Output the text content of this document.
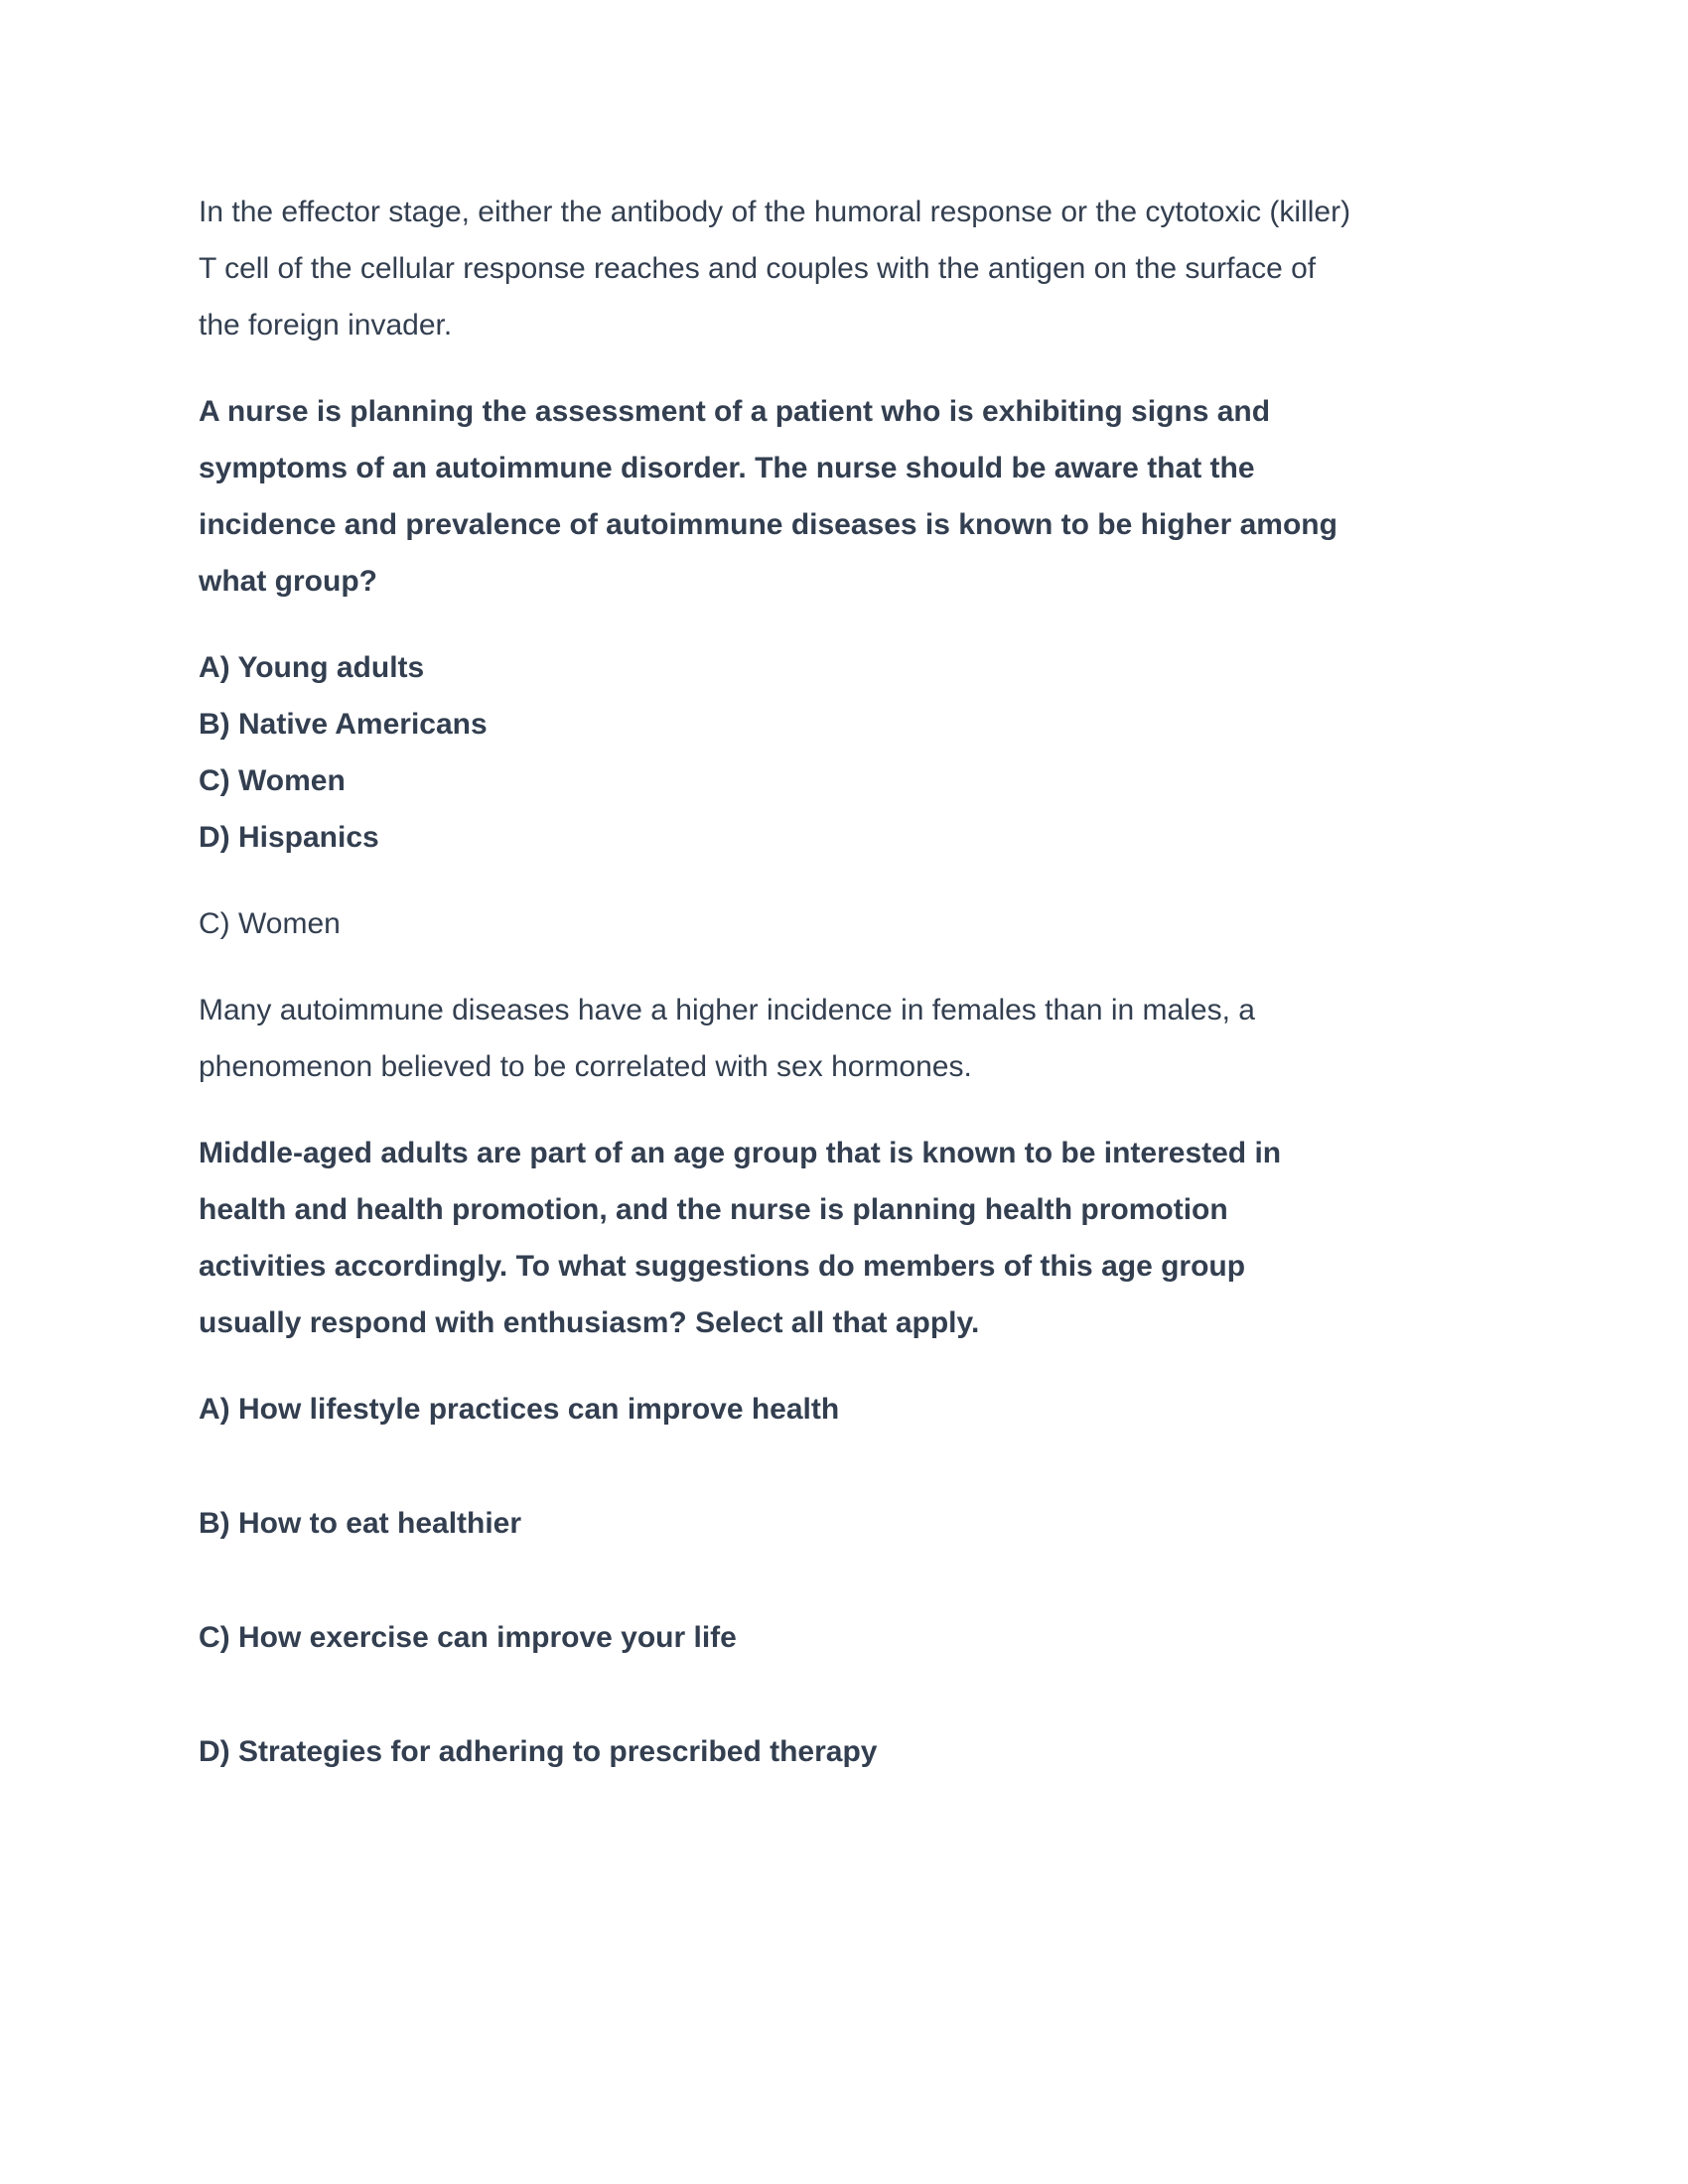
In the effector stage, either the antibody of the humoral response or the cytotoxic (killer)
T cell of the cellular response reaches and couples with the antigen on the surface of
the foreign invader.

A nurse is planning the assessment of a patient who is exhibiting signs and
symptoms of an autoimmune disorder. The nurse should be aware that the
incidence and prevalence of autoimmune diseases is known to be higher among
what group?

A) Young adults
B) Native Americans
C) Women
D) Hispanics

C) Women

Many autoimmune diseases have a higher incidence in females than in males, a
phenomenon believed to be correlated with sex hormones.

Middle-aged adults are part of an age group that is known to be interested in
health and health promotion, and the nurse is planning health promotion
activities accordingly. To what suggestions do members of this age group
usually respond with enthusiasm? Select all that apply.

A) How lifestyle practices can improve health

B) How to eat healthier

C) How exercise can improve your life

D) Strategies for adhering to prescribed therapy
